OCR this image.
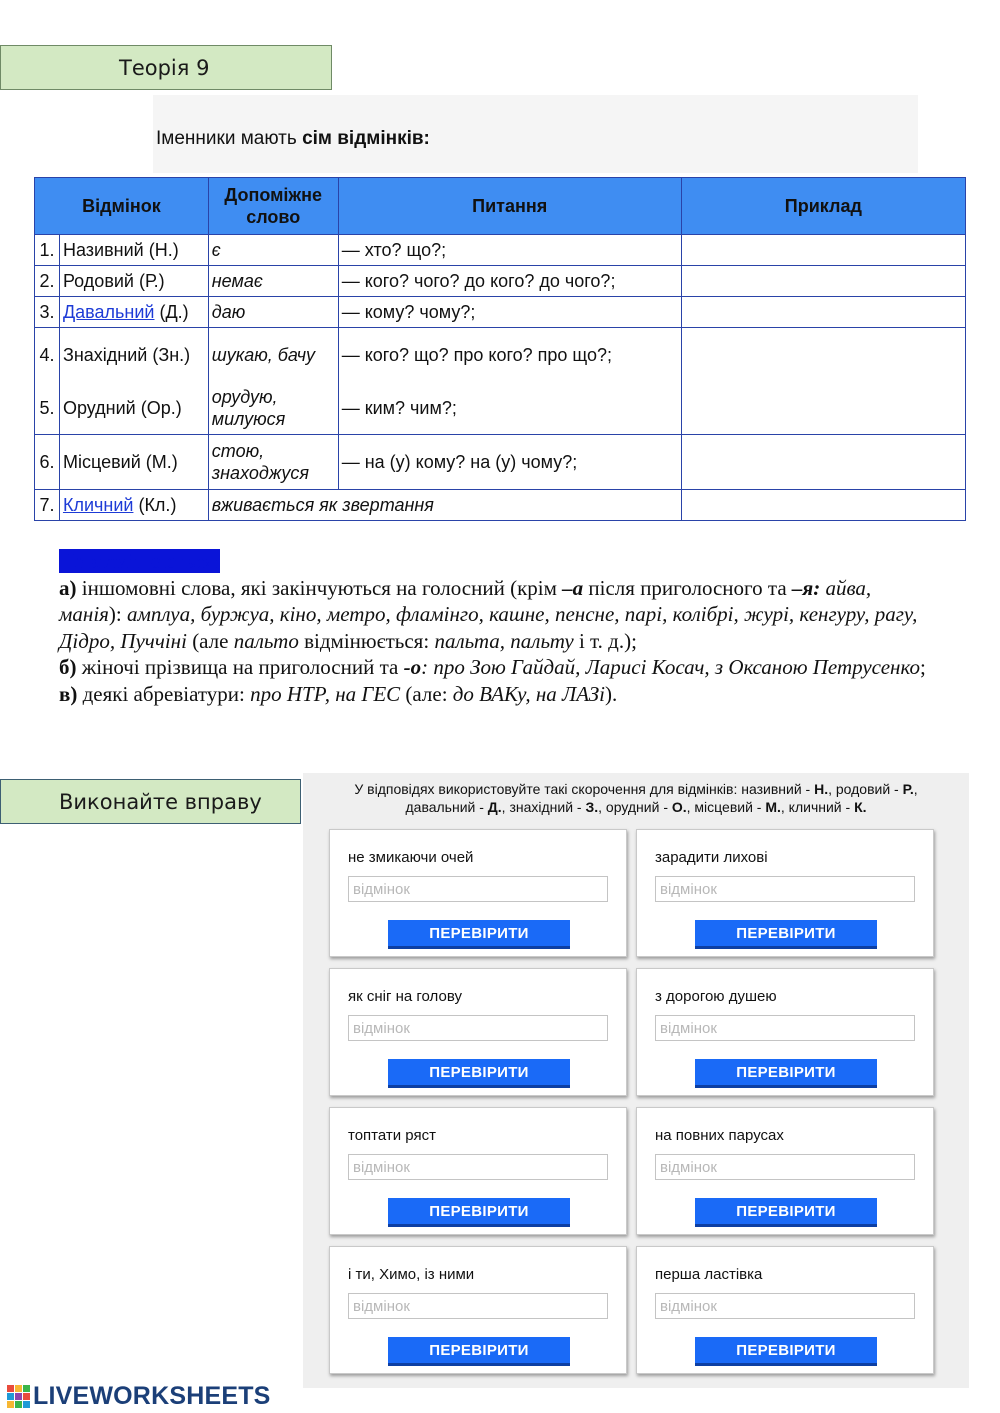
Теорія 9
Іменники мають сім відмінків:
Відмінок		Допоміжне слово	Питання	Приклад
1.	Називний (Н.)	є	— хто? що?;	
2.	Родовий (Р.)	немає	— кого? чого? до кого? до чого?;	
3.	Давальний (Д.)	даю	— кому? чому?;	
4.	Знахідний (Зн.)	шукаю, бачу	— кого? що? про кого? про що?;	
5.	Орудний (Ор.)	орудую, милуюся	— ким? чим?;	
6.	Місцевий (М.)	стою, знаходжуся	— на (у) кому? на (у) чому?;	
7.	Кличний (Кл.)	вживається як звертання		
Не відмінюються:
а) іншомовні слова, які закінчуються на голосний (крім –а після приголосного та –я: айва, манія): амплуа, буржуа, кіно, метро, фламінго, кашне, пенсне, парі, колібрі, журі, кенгуру, рагу, Дідро, Пуччіні (але пальто відмінюється: пальта, пальту і т. д.);
б) жіночі прізвища на приголосний та -о: про Зою Гайдай, Ларисі Косач, з Оксаною Петрусенко;
в) деякі абревіатури: про НТР, на ГЕС (але: до ВАКу, на ЛАЗі).
Виконайте вправу
У відповідях використовуйте такі скорочення для відмінків: називний - Н., родовий - Р.,
давальний - Д., знахідний - З., орудний - О., місцевий - М., кличний - К.
не змикаючи очей
відмінок
ПЕРЕВІРИТИ
зарадити лихові
відмінок
ПЕРЕВІРИТИ
як сніг на голову
відмінок
ПЕРЕВІРИТИ
з дорогою душею
відмінок
ПЕРЕВІРИТИ
топтати ряст
відмінок
ПЕРЕВІРИТИ
на повних парусах
відмінок
ПЕРЕВІРИТИ
і ти, Химо, із ними
відмінок
ПЕРЕВІРИТИ
перша ластівка
відмінок
ПЕРЕВІРИТИ
LIVEWORKSHEETS
